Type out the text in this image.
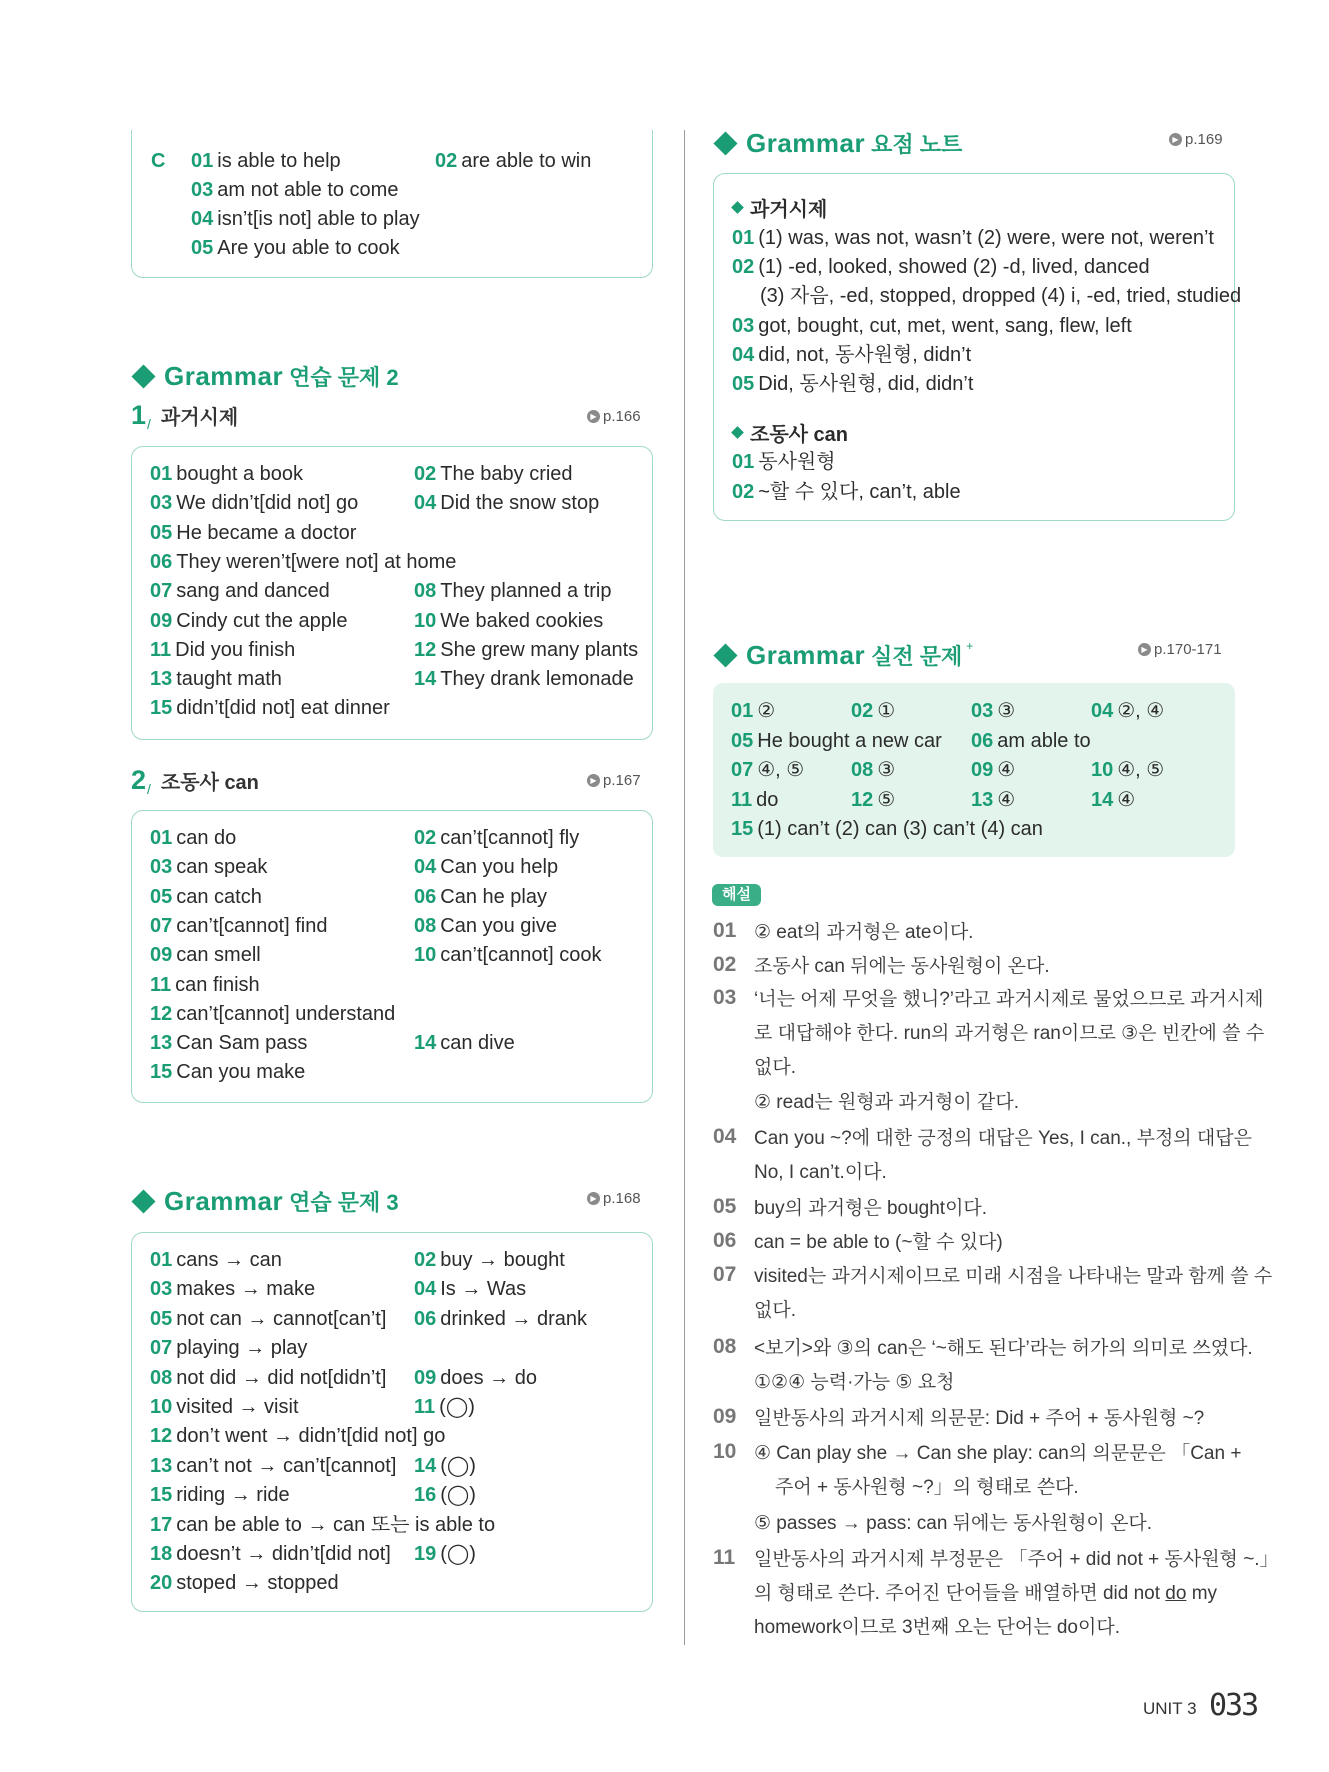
C 01 is able to help	02 are able to win
03 am not able to come
04 isn’t[is not] able to play
05 Are you able to cook
Grammar 연습 문제 2
1 / 과거시제	▶ p.166
01 bought a book	02 The baby cried
03 We didn’t[did not] go	04 Did the snow stop
05 He became a doctor
06 They weren’t[were not] at home
07 sang and danced	08 They planned a trip
09 Cindy cut the apple	10 We baked cookies
11 Did you finish	12 She grew many plants
13 taught math	14 They drank lemonade
15 didn’t[did not] eat dinner
2 / 조동사 can	▶ p.167
01 can do	02 can’t[cannot] fly
03 can speak	04 Can you help
05 can catch	06 Can he play
07 can’t[cannot] find	08 Can you give
09 can smell	10 can’t[cannot] cook
11 can finish
12 can’t[cannot] understand
13 Can Sam pass	14 can dive
15 Can you make
Grammar 연습 문제 3	▶ p.168
01 cans → can	02 buy → bought
03 makes → make	04 Is → Was
05 not can → cannot[can’t] 06 drinked → drank
07 playing → play
08 not did → did not[didn’t] 09 does → do
10 visited → visit	11 (◯)
12 don’t went → didn’t[did not] go
13 can’t not → can’t[cannot] 14 (◯)
15 riding → ride	16 (◯)
17 can be able to → can 또는 is able to
18 doesn’t → didn’t[did not] 19 (◯)
20 stoped → stopped
Grammar 요점 노트	▶ p.169
과거시제
01 (1) was, was not, wasn’t (2) were, were not, weren’t
02 (1) -ed, looked, showed (2) -d, lived, danced
(3) 자음, -ed, stopped, dropped (4) i, -ed, tried, studied
03 got, bought, cut, met, went, sang, flew, left
04 did, not, 동사원형, didn’t
05 Did, 동사원형, did, didn’t
조동사 can
01 동사원형
02 ~할 수 있다, can’t, able
Grammar 실전 문제 +	▶ p.170-171
01 ②	02 ①	03 ③	04 ②, ④
05 He bought a new car 06 am able to
07 ④, ⑤ 08 ③	09 ④	10 ④, ⑤
11 do	12 ⑤	13 ④	14 ④
15 (1) can’t (2) can (3) can’t (4) can
해설
01 ② eat의 과거형은 ate이다.
02 조동사 can 뒤에는 동사원형이 온다.
03 ‘너는 어제 무엇을 했니?’라고 과거시제로 물었으므로 과거시제
로 대답해야 한다. run의 과거형은 ran이므로 ③은 빈칸에 쓸 수
없다.
② read는 원형과 과거형이 같다.
04 Can you ~?에 대한 긍정의 대답은 Yes, I can., 부정의 대답은
No, I can’t.이다.
05 buy의 과거형은 bought이다.
06 can = be able to (~할 수 있다)
07 visited는 과거시제이므로 미래 시점을 나타내는 말과 함께 쓸 수
없다.
08 <보기>와 ③의 can은 ‘~해도 된다’라는 허가의 의미로 쓰였다.
①②④ 능력·가능 ⑤ 요청
09 일반동사의 과거시제 의문문: Did + 주어 + 동사원형 ~?
10 ④ Can play she → Can she play: can의 의문문은 「Can +
주어 + 동사원형 ~?」의 형태로 쓴다.
⑤ passes → pass: can 뒤에는 동사원형이 온다.
11 일반동사의 과거시제 부정문은 「주어 + did not + 동사원형 ~.」
의 형태로 쓴다. 주어진 단어들을 배열하면 did not do my
homework이므로 3번째 오는 단어는 do이다.
UNIT 3 033
